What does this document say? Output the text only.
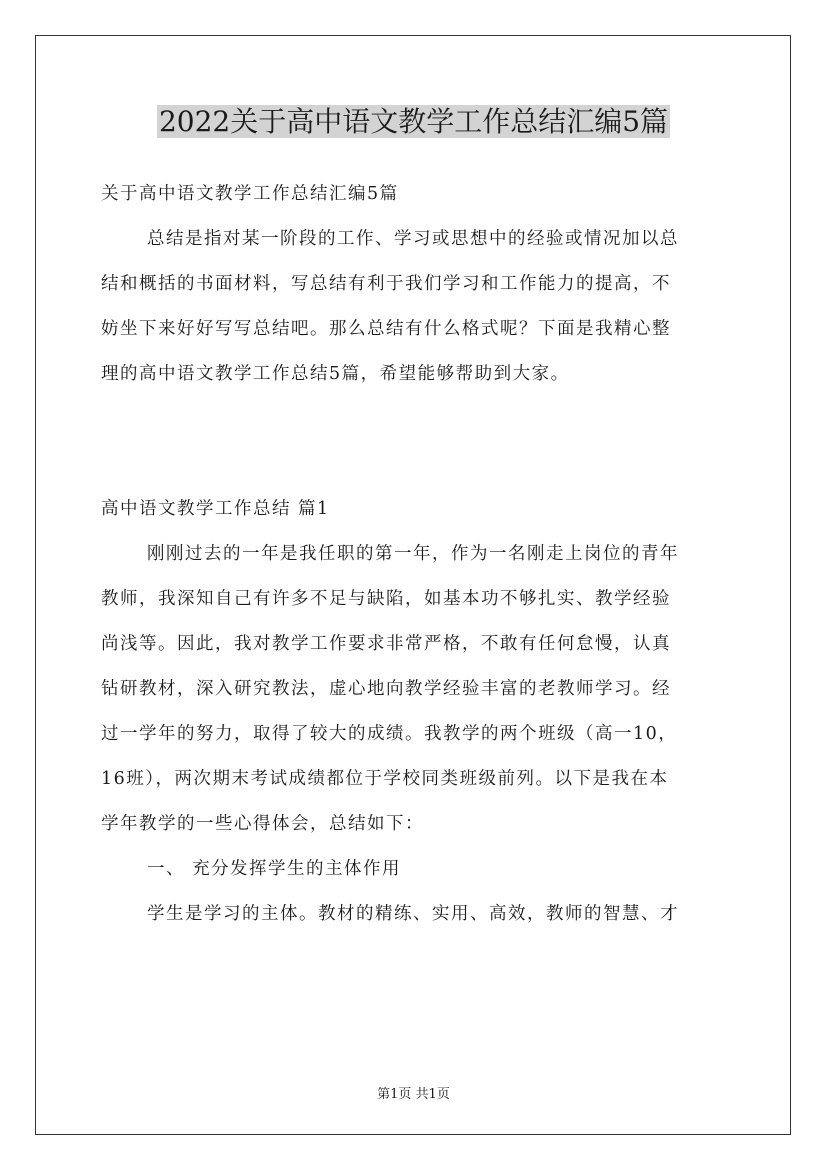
2022关于高中语文教学工作总结汇编5篇
关于高中语文教学工作总结汇编5篇
总结是指对某一阶段的工作、学习或思想中的经验或情况加以总
结和概括的书面材料，写总结有利于我们学习和工作能力的提高，不
妨坐下来好好写写总结吧。那么总结有什么格式呢？下面是我精心整
理的高中语文教学工作总结5篇，希望能够帮助到大家。
高中语文教学工作总结 篇1
刚刚过去的一年是我任职的第一年，作为一名刚走上岗位的青年
教师，我深知自己有许多不足与缺陷，如基本功不够扎实、教学经验
尚浅等。因此，我对教学工作要求非常严格，不敢有任何怠慢，认真
钻研教材，深入研究教法，虚心地向教学经验丰富的老教师学习。经
过一学年的努力，取得了较大的成绩。我教学的两个班级（高一10，
16班），两次期末考试成绩都位于学校同类班级前列。以下是我在本
学年教学的一些心得体会，总结如下：
一、 充分发挥学生的主体作用
学生是学习的主体。教材的精练、实用、高效，教师的智慧、才
第1页 共1页
